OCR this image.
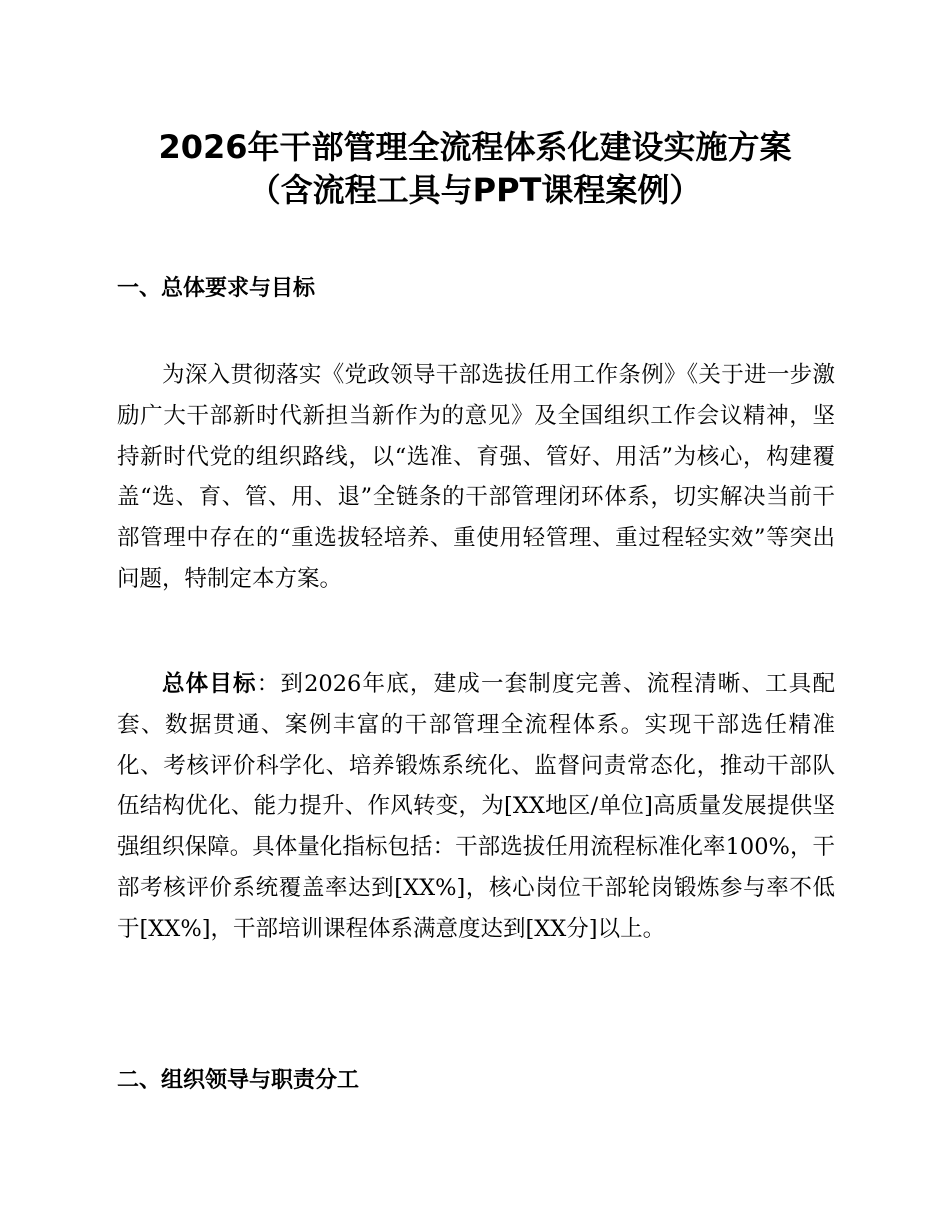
2026年干部管理全流程体系化建设实施方案
（含流程工具与PPT课程案例）
一、总体要求与目标

为深入贯彻落实《党政领导干部选拔任用工作条例》《关于进一步激励广大干部新时代新担当新作为的意见》及全国组织工作会议精神，坚持新时代党的组织路线，以“选准、育强、管好、用活”为核心，构建覆盖“选、育、管、用、退”全链条的干部管理闭环体系，切实解决当前干部管理中存在的“重选拔轻培养、重使用轻管理、重过程轻实效”等突出问题，特制定本方案。

总体目标：到2026年底，建成一套制度完善、流程清晰、工具配套、数据贯通、案例丰富的干部管理全流程体系。实现干部选任精准化、考核评价科学化、培养锻炼系统化、监督问责常态化，推动干部队伍结构优化、能力提升、作风转变，为[XX地区/单位]高质量发展提供坚强组织保障。具体量化指标包括：干部选拔任用流程标准化率100%，干部考核评价系统覆盖率达到[XX%]，核心岗位干部轮岗锻炼参与率不低于[XX%]，干部培训课程体系满意度达到[XX分]以上。

二、组织领导与职责分工
